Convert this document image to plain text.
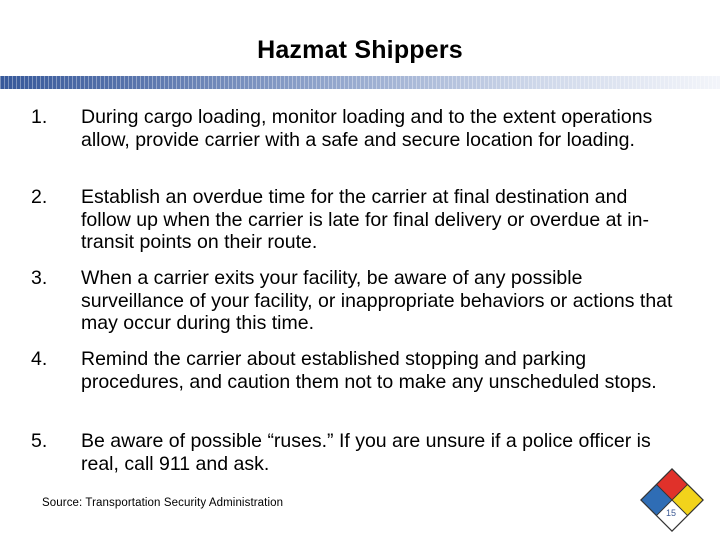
Hazmat Shippers
1. During cargo loading, monitor loading and to the extent operations allow, provide carrier with a safe and secure location for loading.
2. Establish an overdue time for the carrier at final destination and follow up when the carrier is late for final delivery or overdue at in-transit points on their route.
3. When a carrier exits your facility, be aware of any possible surveillance of your facility, or inappropriate behaviors or actions that may occur during this time.
4. Remind the carrier about established stopping and parking procedures, and caution them not to make any unscheduled stops.
5. Be aware of possible “ruses.” If you are unsure if a police officer is real, call 911 and ask.
Source: Transportation Security Administration
15
